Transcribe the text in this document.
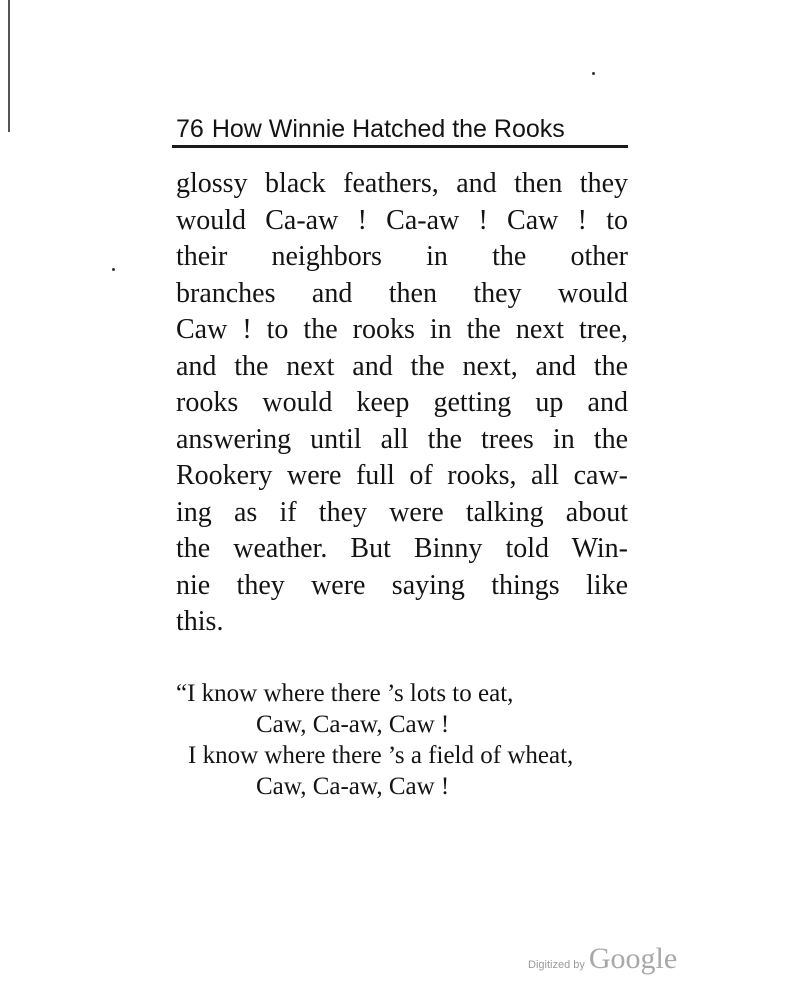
76 How Winnie Hatched the Rooks
glossy black feathers, and then they
would Ca-aw ! Ca-aw ! Caw ! to
their neighbors in the other
branches and then they would
Caw ! to the rooks in the next tree,
and the next and the next, and the
rooks would keep getting up and
answering until all the trees in the
Rookery were full of rooks, all caw-
ing as if they were talking about
the weather. But Binny told Win-
nie they were saying things like
this.
“I know where there ’s lots to eat,
Caw, Ca-aw, Caw !
I know where there ’s a field of wheat,
Caw, Ca-aw, Caw !
Digitized by Google
